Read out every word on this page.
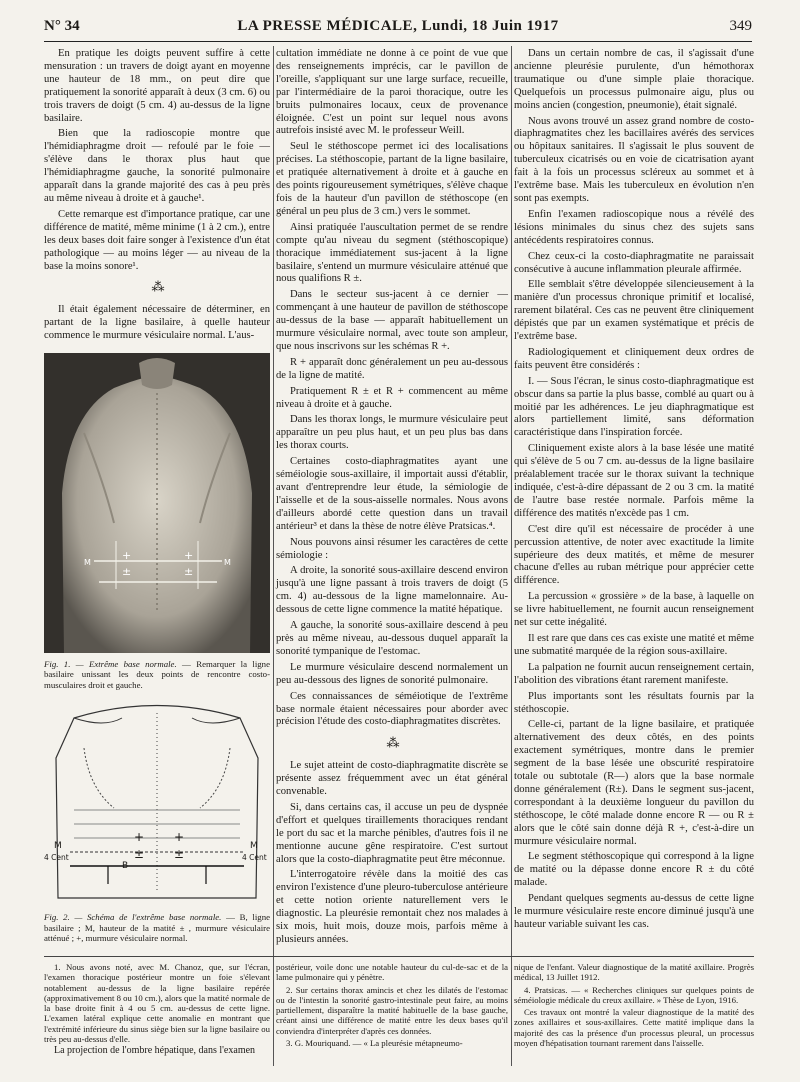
N° 34	LA PRESSE MÉDICALE, Lundi, 18 Juin 1917	349

En pratique les doigts peuvent suffire à cette mensuration : un travers de doigt ayant en moyenne une hauteur de 18 mm., on peut dire que pratiquement la sonorité apparaît à deux (3 cm. 6) ou trois travers de doigt (5 cm. 4) au-dessus de la ligne basilaire.

Bien que la radioscopie montre que l'hémidiaphragme droit — refoulé par le foie — s'élève dans le thorax plus haut que l'hémidiaphragme gauche, la sonorité pulmonaire apparaît dans la grande majorité des cas à peu près au même niveau à droite et à gauche¹.

Cette remarque est d'importance pratique, car une différence de matité, même minime (1 à 2 cm.), entre les deux bases doit faire songer à l'existence d'un état pathologique — au moins léger — au niveau de la base la moins sonore¹.

⁂

Il était également nécessaire de déterminer, en partant de la ligne basilaire, à quelle hauteur commence le murmure vésiculaire normal. L'aus-

+
±
+
±
M	M
Fig. 1. — Extrême base normale. — Remarquer la ligne basilaire unissant les deux points de rencontre costo-musculaires droit et gauche.
M	M
4 Cent	4 Cent
B
+
±
+
±
Fig. 2. — Schéma de l'extrême base normale. — B, ligne basilaire ; M, hauteur de la matité ± , murmure vésiculaire atténué ; +, murmure vésiculaire normal.

cultation immédiate ne donne à ce point de vue que des renseignements imprécis, car le pavillon de l'oreille, s'appliquant sur une large surface, recueille, par l'intermédiaire de la paroi thoracique, outre les bruits pulmonaires locaux, ceux de provenance éloignée. C'est un point sur lequel nous avons autrefois insisté avec M. le professeur Weill.

Seul le stéthoscope permet ici des localisations précises. La stéthoscopie, partant de la ligne basilaire, et pratiquée alternativement à droite et à gauche en des points rigoureusement symétriques, s'élève chaque fois de la hauteur d'un pavillon de stéthoscope (en général un peu plus de 3 cm.) vers le sommet.

Ainsi pratiquée l'auscultation permet de se rendre compte qu'au niveau du segment (stéthoscopique) thoracique immédiatement sus-jacent à la ligne basilaire, s'entend un murmure vésiculaire atténué que nous qualifions R ±.

Dans le secteur sus-jacent à ce dernier — commençant à une hauteur de pavillon de stéthoscope au-dessus de la base — apparaît habituellement un murmure vésiculaire normal, avec toute son ampleur, que nous inscrivons sur les schémas R +.

R + apparaît donc généralement un peu au-dessous de la ligne de matité.

Pratiquement R ± et R + commencent au même niveau à droite et à gauche.

Dans les thorax longs, le murmure vésiculaire peut apparaître un peu plus haut, et un peu plus bas dans les thorax courts.

Certaines costo-diaphragmatites ayant une séméiologie sous-axillaire, il importait aussi d'établir, avant d'entreprendre leur étude, la sémiologie de l'aisselle et de la sous-aisselle normales. Nous avons d'ailleurs abordé cette question dans un travail antérieur³ et dans la thèse de notre élève Pratsicas.⁴.

Nous pouvons ainsi résumer les caractères de cette sémiologie :

A droite, la sonorité sous-axillaire descend environ jusqu'à une ligne passant à trois travers de doigt (5 cm. 4) au-dessous de la ligne mamelonnaire. Au-dessous de cette ligne commence la matité hépatique.

A gauche, la sonorité sous-axillaire descend à peu près au même niveau, au-dessous duquel apparaît la sonorité tympanique de l'estomac.

Le murmure vésiculaire descend normalement un peu au-dessous des lignes de sonorité pulmonaire.

Ces connaissances de séméiotique de l'extrême base normale étaient nécessaires pour aborder avec précision l'étude des costo-diaphragmatites discrètes.

⁂

Le sujet atteint de costo-diaphragmatite discrète se présente assez fréquemment avec un état général convenable.

Si, dans certains cas, il accuse un peu de dyspnée d'effort et quelques tiraillements thoraciques rendant le port du sac et la marche pénibles, d'autres fois il ne mentionne aucune gêne respiratoire. C'est surtout alors que la costo-diaphragmatite peut être méconnue.

L'interrogatoire révèle dans la moitié des cas environ l'existence d'une pleuro-tuberculose antérieure et cette notion oriente naturellement vers le diagnostic. La pleurésie remontait chez nos malades à six mois, huit mois, douze mois, parfois même à plusieurs années.

Dans un certain nombre de cas, il s'agissait d'une ancienne pleurésie purulente, d'un hémothorax traumatique ou d'une simple plaie thoracique. Quelquefois un processus pulmonaire aigu, plus ou moins ancien (congestion, pneumonie), était signalé.

Nous avons trouvé un assez grand nombre de costo-diaphragmatites chez les bacillaires avérés des services ou hôpitaux sanitaires. Il s'agissait le plus souvent de tuberculeux cicatrisés ou en voie de cicatrisation ayant fait à la fois un processus scléreux au sommet et à l'extrême base. Mais les tuberculeux en évolution n'en sont pas exempts.

Enfin l'examen radioscopique nous a révélé des lésions minimales du sinus chez des sujets sans antécédents respiratoires connus.

Chez ceux-ci la costo-diaphragmatite ne paraissait consécutive à aucune inflammation pleurale affirmée.

Elle semblait s'être développée silencieusement à la manière d'un processus chronique primitif et localisé, rarement bilatéral. Ces cas ne peuvent être cliniquement dépistés que par un examen systématique et précis de l'extrême base.

Radiologiquement et cliniquement deux ordres de faits peuvent être considérés :

I. — Sous l'écran, le sinus costo-diaphragmatique est obscur dans sa partie la plus basse, comblé au quart ou à moitié par les adhérences. Le jeu diaphragmatique est alors partiellement limité, sans déformation caractéristique dans l'inspiration forcée.

Cliniquement existe alors à la base lésée une matité qui s'élève de 5 ou 7 cm. au-dessus de la ligne basilaire préalablement tracée sur le thorax suivant la technique indiquée, c'est-à-dire dépassant de 2 ou 3 cm. la matité de l'autre base restée normale. Parfois même la différence des matités n'excède pas 1 cm.

C'est dire qu'il est nécessaire de procéder à une percussion attentive, de noter avec exactitude la limite supérieure des deux matités, et même de mesurer chacune d'elles au ruban métrique pour apprécier cette différence.

La percussion « grossière » de la base, à laquelle on se livre habituellement, ne fournit aucun renseignement net sur cette inégalité.

Il est rare que dans ces cas existe une matité et même une submatité marquée de la région sous-axillaire.

La palpation ne fournit aucun renseignement certain, l'abolition des vibrations étant rarement manifeste.

Plus importants sont les résultats fournis par la stéthoscopie.

Celle-ci, partant de la ligne basilaire, et pratiquée alternativement des deux côtés, en des points exactement symétriques, montre dans le premier segment de la base lésée une obscurité respiratoire totale ou subtotale (R—) alors que la base normale donne généralement (R±). Dans le segment sus-jacent, correspondant à la deuxième longueur du pavillon du stéthoscope, le côté malade donne encore R — ou R ± alors que le côté sain donne déjà R +, c'est-à-dire un murmure vésiculaire normal.

Le segment stéthoscopique qui correspond à la ligne de matité ou la dépasse donne encore R ± du côté malade.

Pendant quelques segments au-dessus de cette ligne le murmure vésiculaire reste encore diminué jusqu'à une hauteur variable suivant les cas.

1. Nous avons noté, avec M. Chanoz, que, sur l'écran, l'examen thoracique postérieur montre un foie s'élevant notablement au-dessus de la ligne basilaire repérée (approximativement 8 ou 10 cm.), alors que la matité normale de la base droite finit à 4 ou 5 cm. au-dessus de cette ligne. L'examen latéral explique cette anomalie en montrant que l'extrémité inférieure du sinus siège bien sur la ligne basilaire ou très peu au-dessus d'elle.

La projection de l'ombre hépatique, dans l'examen

postérieur, voile donc une notable hauteur du cul-de-sac et de la lame pulmonaire qui y pénètre.

2. Sur certains thorax amincis et chez les dilatés de l'estomac ou de l'intestin la sonorité gastro-intestinale peut faire, au moins partiellement, disparaître la matité habituelle de la base gauche, créant ainsi une différence de matité entre les deux bases qu'il conviendra d'interpréter d'après ces données.

3. G. Mouriquand. — « La pleurésie métapneumo-

nique de l'enfant. Valeur diagnostique de la matité axillaire. Progrès médical, 13 Juillet 1912.

4. Pratsicas. — « Recherches cliniques sur quelques points de séméiologie médicale du creux axillaire. » Thèse de Lyon, 1916.

Ces travaux ont montré la valeur diagnostique de la matité des zones axillaires et sous-axillaires. Cette matité implique dans la majorité des cas la présence d'un processus pleural, un processus moyen d'hépatisation tournant rarement dans l'aisselle.
